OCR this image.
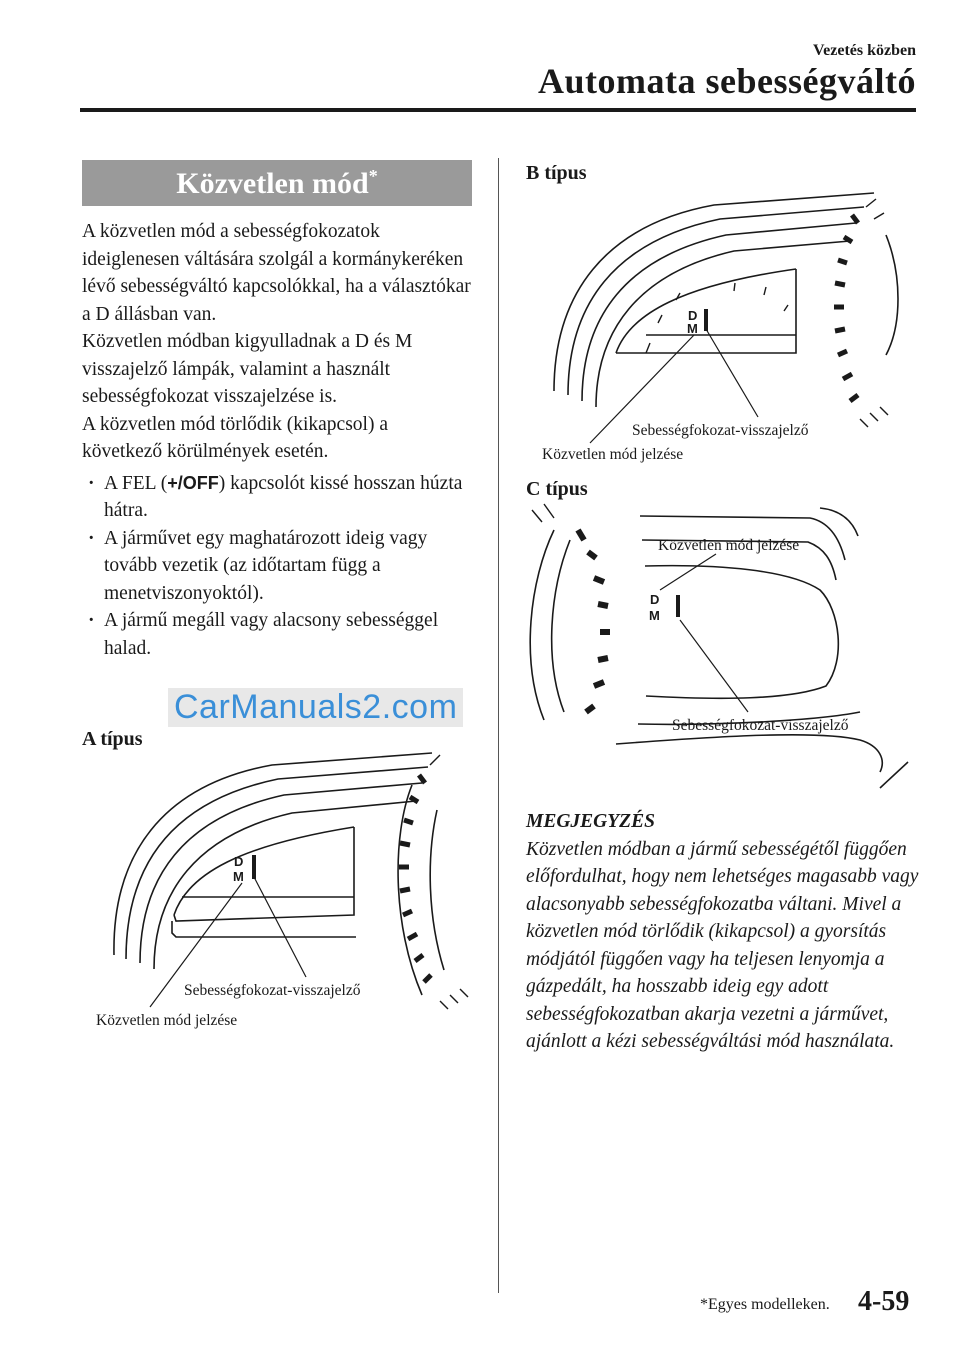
Vezetés közben
Automata sebességváltó
Közvetlen mód*
A közvetlen mód a sebességfokozatok ideiglenesen váltására szolgál a kormánykeréken lévő sebességváltó kapcsolókkal, ha a választókar a D állásban van.
Közvetlen módban kigyulladnak a D és M visszajelző lámpák, valamint a használt sebességfokozat visszajelzése is.
A közvetlen mód törlődik (kikapcsol) a következő körülmények esetén.
· A FEL (+/OFF) kapcsolót kissé hosszan húzta hátra.
· A járművet egy maghatározott ideig vagy tovább vezetik (az időtartam függ a menetviszonyoktól).
· A jármű megáll vagy alacsony sebességgel halad.
CarManuals2.com
A típus
B típus
C típus
D
M
Sebességfokozat-visszajelző
Közvetlen mód jelzése
D
M
Sebességfokozat-visszajelző
Közvetlen mód jelzése
D
M
Közvetlen mód jelzése
Sebességfokozat-visszajelző
MEGJEGYZÉS
Közvetlen módban a jármű sebességétől függően előfordulhat, hogy nem lehetséges magasabb vagy alacsonyabb sebességfokozatba váltani. Mivel a közvetlen mód törlődik (kikapcsol) a gyorsítás módjától függően vagy ha teljesen lenyomja a gázpedált, ha hosszabb ideig egy adott sebességfokozatban akarja vezetni a járművet, ajánlott a kézi sebességváltási mód használata.
*Egyes modelleken. 4-59
